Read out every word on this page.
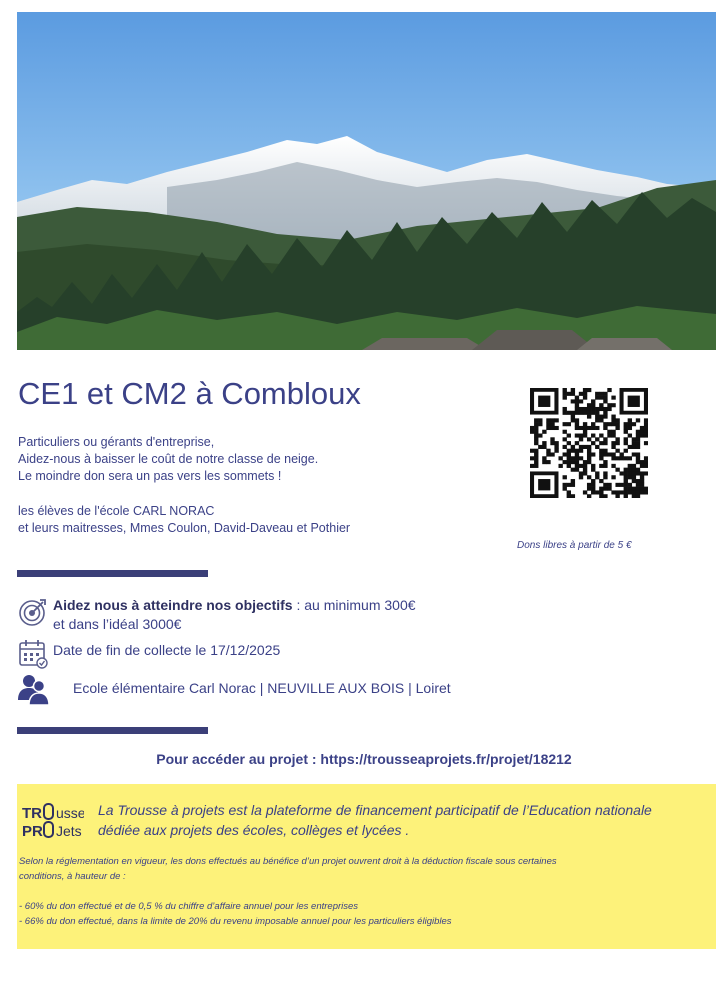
CE1 et CM2 à Combloux
Particuliers ou gérants d'entreprise,
Aidez-nous à baisser le coût de notre classe de neige.
Le moindre don sera un pas vers les sommets !
les élèves de l'école CARL NORAC
et leurs maitresses, Mmes Coulon, David-Daveau et Pothier
Dons libres à partir de 5 €
Aidez nous à atteindre nos objectifs : au minimum 300€
et dans l’idéal 3000€
Date de fin de collecte le 17/12/2025
Ecole élémentaire Carl Norac | NEUVILLE AUX BOIS | Loiret
Pour accéder au projet : https://trousseaprojets.fr/projet/18212
TR usse
PR Jets
La Trousse à projets est la plateforme de financement participatif de l’Education nationale
dédiée aux projets des écoles, collèges et lycées .
Selon la réglementation en vigueur, les dons effectués au bénéfice d’un projet ouvrent droit à la déduction fiscale sous certaines
conditions, à hauteur de :
- 60% du don effectué et de 0,5 % du chiffre d’affaire annuel pour les entreprises
- 66% du don effectué, dans la limite de 20% du revenu imposable annuel pour les particuliers éligibles
